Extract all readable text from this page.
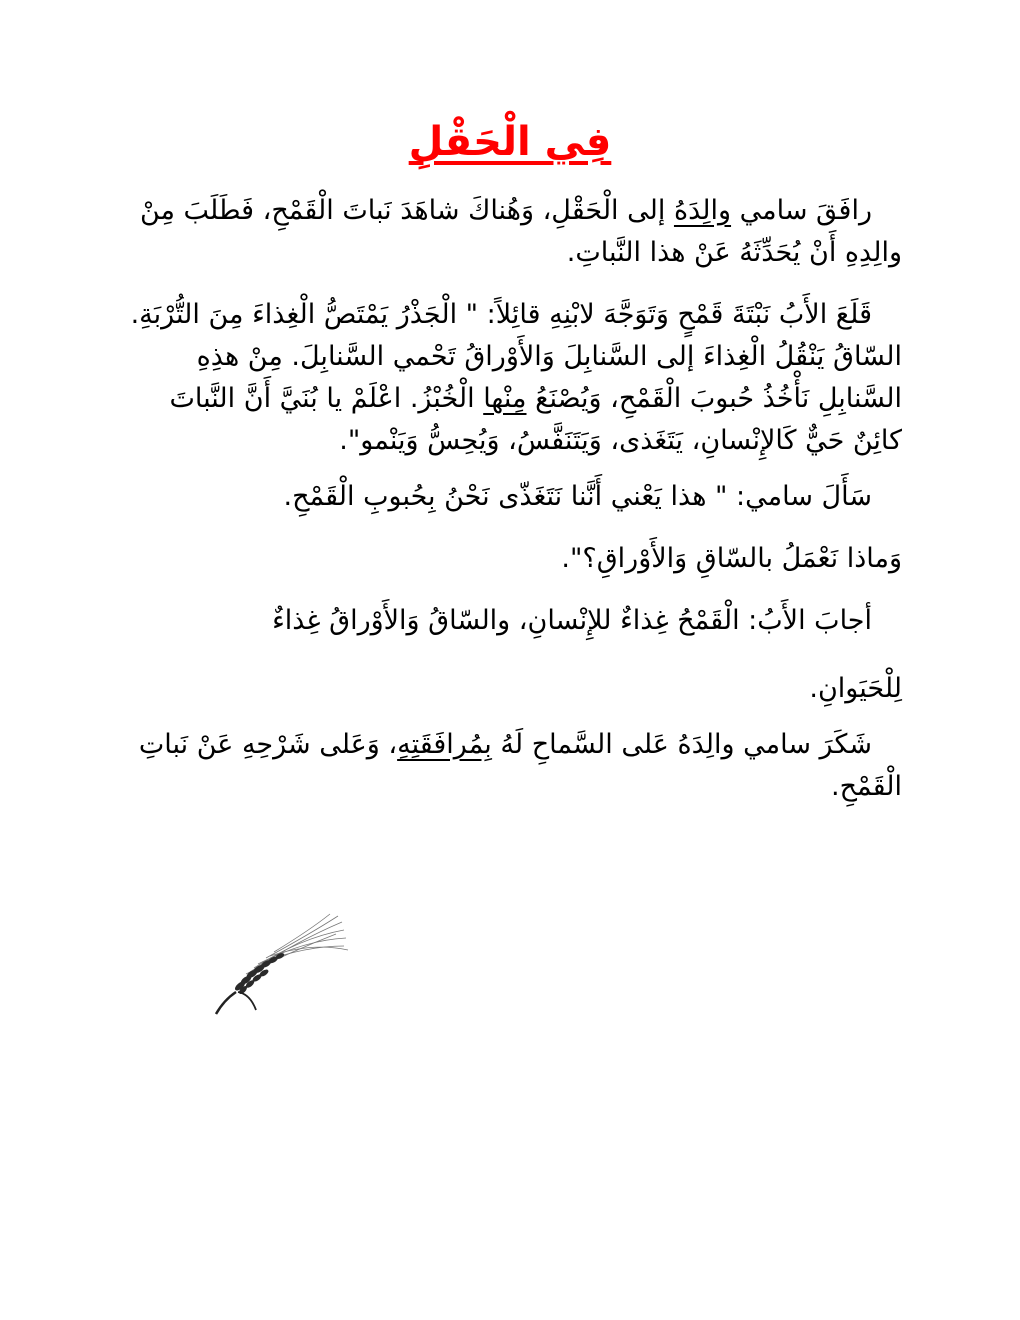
فِي الْحَقْلِ

رافَقَ سامي والِدَهُ إلى الْحَقْلِ، وَهُناكَ شاهَدَ نَباتَ الْقَمْحِ، فَطَلَبَ مِنْ والِدِهِ أَنْ يُحَدِّثَهُ عَنْ هذا النَّباتِ.

قَلَعَ الأَبُ نَبْتَةَ قَمْحٍ وَتَوَجَّهَ لابْنِهِ قائِلاً: " الْجَذْرُ يَمْتَصُّ الْغِذاءَ مِنَ التُّرْبَةِ. السّاقُ يَنْقُلُ الْغِذاءَ إلى السَّنابِلَ وَالأَوْراقُ تَحْمي السَّنابِلَ. مِنْ هذِهِ السَّنابِلِ نَأْخُذُ حُبوبَ الْقَمْحِ، وَيُصْنَعُ مِنْها الْخُبْزُ. اعْلَمْ يا بُنَيَّ أَنَّ النَّباتَ كائِنٌ حَيٌّ كَالإِنْسانِ، يَتَغَذى، وَيَتَنَفَّسُ، وَيُحِسُّ وَيَنْمو".

سَأَلَ سامي: " هذا يَعْني أَنَّنا نَتَغَذّى نَحْنُ بِحُبوبِ الْقَمْحِ.

وَماذا نَعْمَلُ بالسّاقِ وَالأَوْراقِ؟".

أجابَ الأَبُ: الْقَمْحُ غِذاءٌ للإِنْسانِ، والسّاقُ وَالأَوْراقُ غِذاءٌ

لِلْحَيَوانِ.

شَكَرَ سامي والِدَهُ عَلى السَّماحِ لَهُ بِمُرافَقَتِهِ، وَعَلى شَرْحِهِ عَنْ نَباتِ الْقَمْحِ.
